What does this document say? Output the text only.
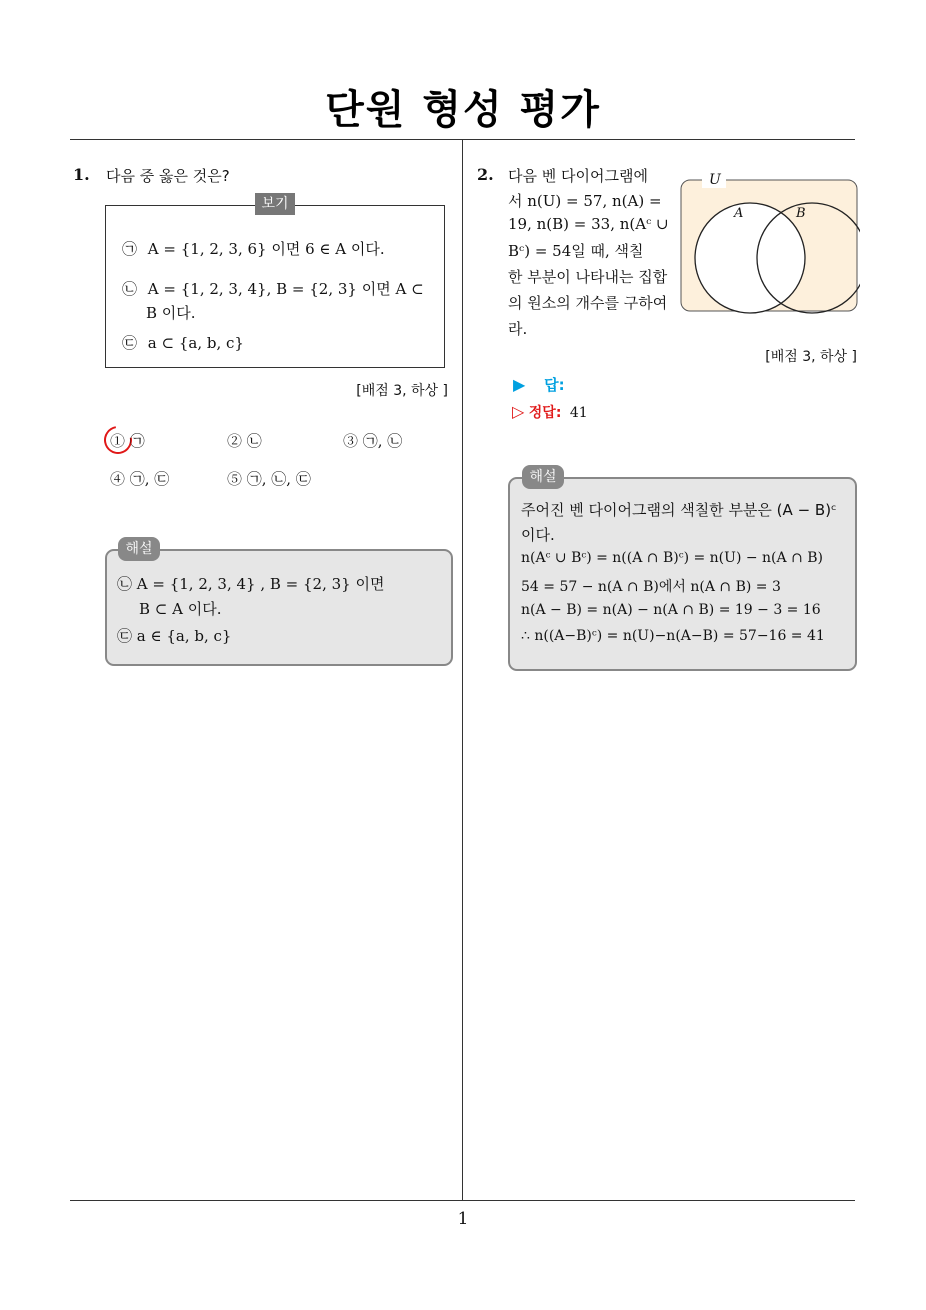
단원 형성 평가
1
1. 다음 중 옳은 것은?
보기
㉠ A = {1, 2, 3, 6} 이면 6 ∈ A 이다.
㉡ A = {1, 2, 3, 4}, B = {2, 3} 이면 A ⊂
B 이다.
㉢ a ⊂ {a, b, c}
[배점 3, 하상 ]
① ㉠	② ㉡	③ ㉠, ㉡
④ ㉠, ㉢	⑤ ㉠, ㉡, ㉢
해설
㉡ A = {1, 2, 3, 4} , B = {2, 3} 이면
B ⊂ A 이다.
㉢ a ∈ {a, b, c}
2. 다음 벤 다이어그램에
서 n(U) = 57, n(A) =
19, n(B) = 33, n(Aᶜ ∪
Bᶜ) = 54일 때, 색칠
한 부분이 나타내는 집합
의 원소의 개수를 구하여
라.
U
A	B
[배점 3, 하상 ]
▶ 답:
▷ 정답: 41
해설
주어진 벤 다이어그램의 색칠한 부분은 (A − B)ᶜ
이다.
n(Aᶜ ∪ Bᶜ) = n((A ∩ B)ᶜ) = n(U) − n(A ∩ B)
54 = 57 − n(A ∩ B)에서 n(A ∩ B) = 3
n(A − B) = n(A) − n(A ∩ B) = 19 − 3 = 16
∴ n((A−B)ᶜ) = n(U)−n(A−B) = 57−16 = 41
